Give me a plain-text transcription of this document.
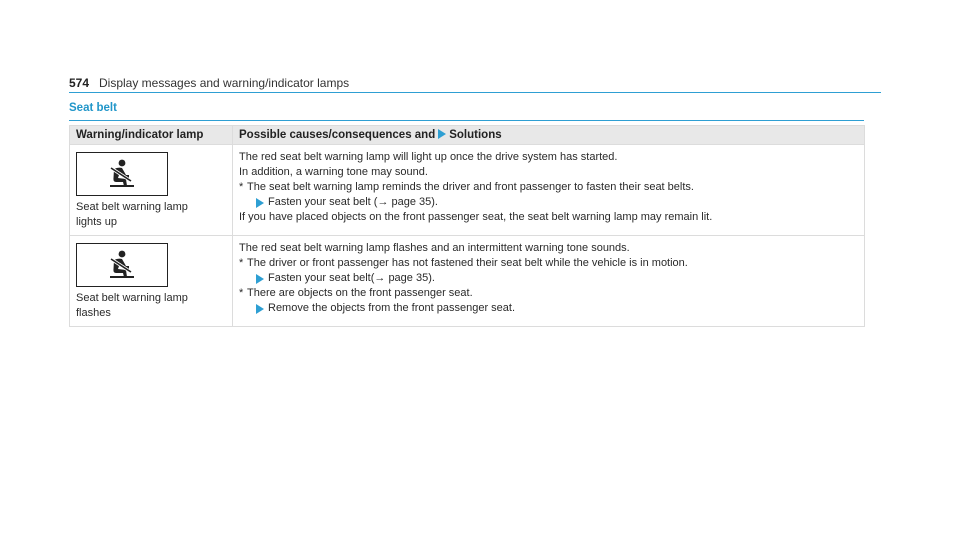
574 Display messages and warning/indicator lamps
Seat belt
Warning/indicator lamp	Possible causes/consequences and Solutions

Seat belt warning lamp
lights up	The red seat belt warning lamp will light up once the drive system has started.
In addition, a warning tone may sound.
* The seat belt warning lamp reminds the driver and front passenger to fasten their seat belts.
Fasten your seat belt (→ page 35).
If you have placed objects on the front passenger seat, the seat belt warning lamp may remain lit.

Seat belt warning lamp
flashes	The red seat belt warning lamp flashes and an intermittent warning tone sounds.
* The driver or front passenger has not fastened their seat belt while the vehicle is in motion.
Fasten your seat belt(→ page 35).
* There are objects on the front passenger seat.
Remove the objects from the front passenger seat.
